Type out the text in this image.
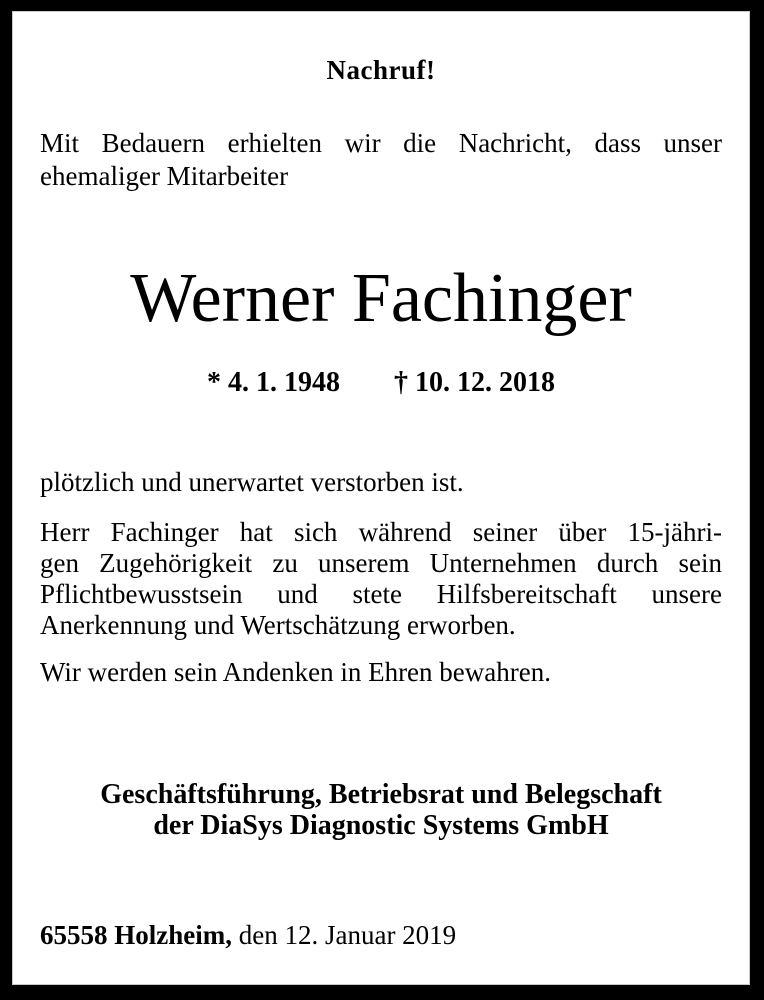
Nachruf!
Mit Bedauern erhielten wir die Nachricht, dass unser
ehemaliger Mitarbeiter
Werner Fachinger
* 4. 1. 1948 † 10. 12. 2018
plötzlich und unerwartet verstorben ist.
Herr Fachinger hat sich während seiner über 15-jähri-
gen Zugehörigkeit zu unserem Unternehmen durch sein
Pflichtbewusstsein und stete Hilfsbereitschaft unsere
Anerkennung und Wertschätzung erworben.
Wir werden sein Andenken in Ehren bewahren.
Geschäftsführung, Betriebsrat und Belegschaft
der DiaSys Diagnostic Systems GmbH
65558 Holzheim, den 12. Januar 2019
